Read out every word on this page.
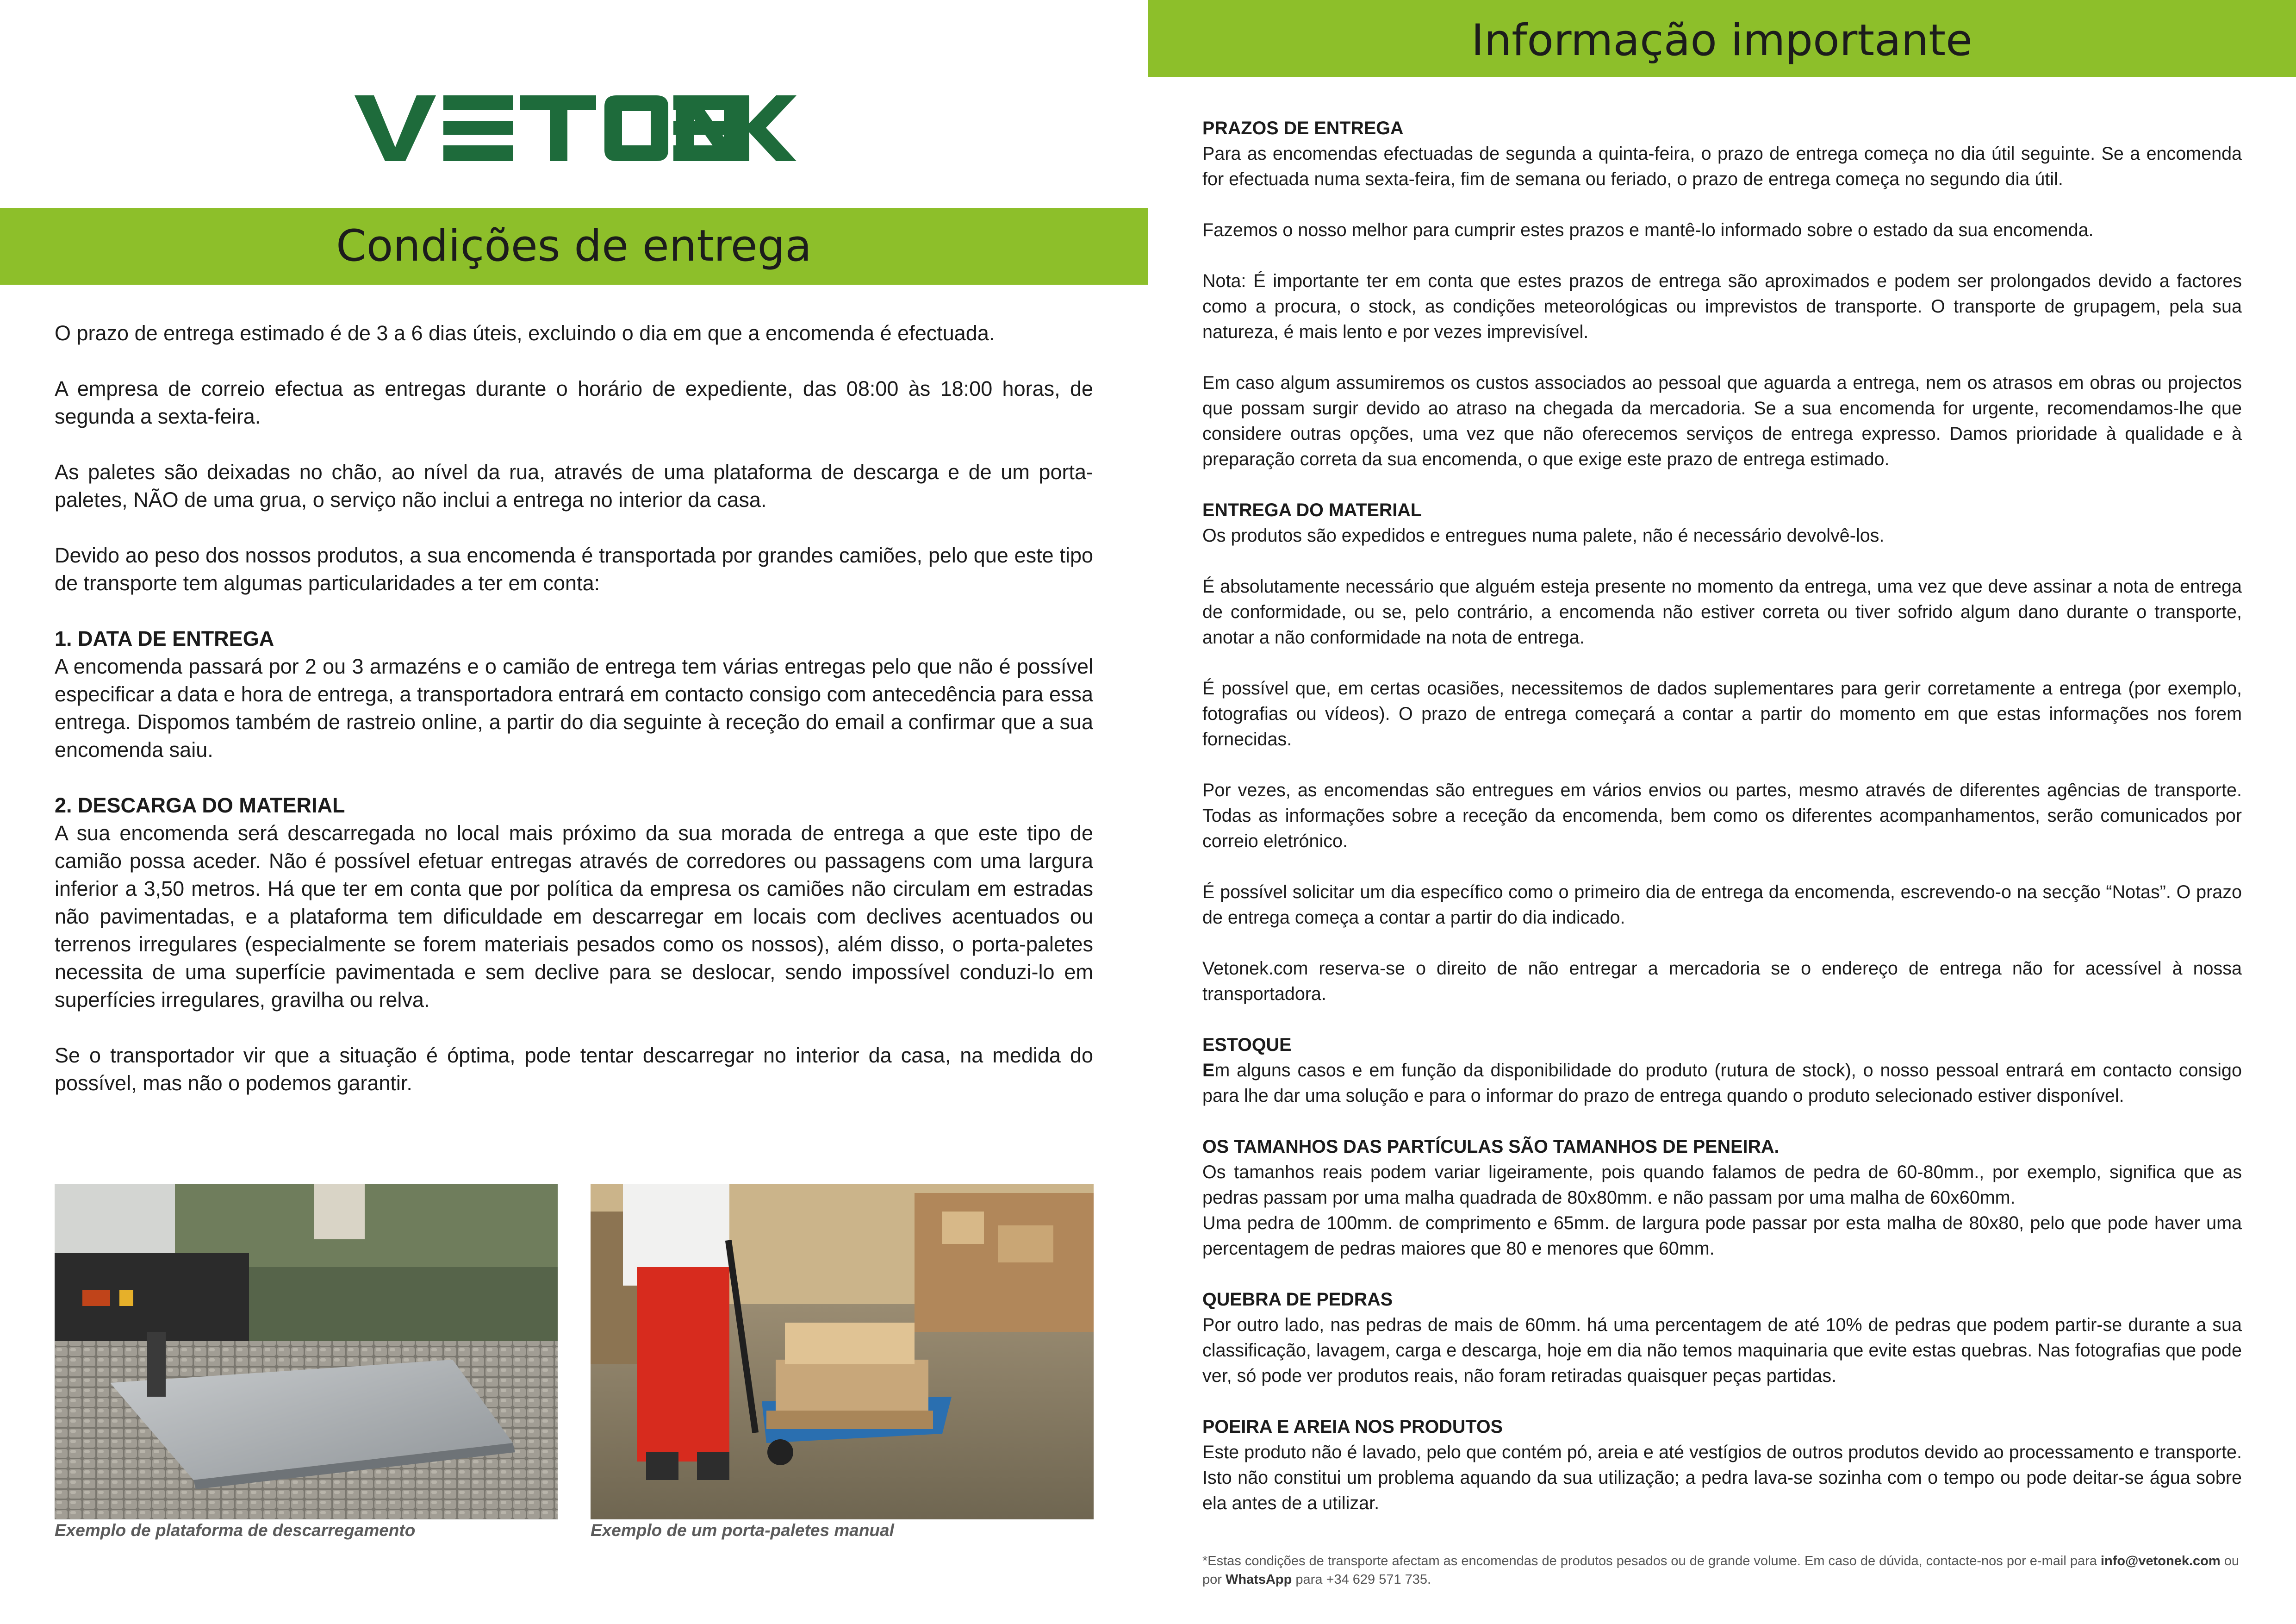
Condições de entrega
Informação importante

O prazo de entrega estimado é de 3 a 6 dias úteis, excluindo o dia em que a encomenda é efectuada.

A empresa de correio efectua as entregas durante o horário de expediente, das 08:00 às 18:00 horas, de segunda a sexta-feira.

As paletes são deixadas no chão, ao nível da rua, através de uma plataforma de descarga e de um porta-paletes, NÃO de uma grua, o serviço não inclui a entrega no interior da casa.

Devido ao peso dos nossos produtos, a sua encomenda é transportada por grandes camiões, pelo que este tipo de transporte tem algumas particularidades a ter em conta:

1. DATA DE ENTREGA
A encomenda passará por 2 ou 3 armazéns e o camião de entrega tem várias entregas pelo que não é possível especificar a data e hora de entrega, a transportadora entrará em contacto consigo com antecedência para essa entrega. Dispomos também de rastreio online, a partir do dia seguinte à receção do email a confirmar que a sua encomenda saiu.

2. DESCARGA DO MATERIAL
A sua encomenda será descarregada no local mais próximo da sua morada de entrega a que este tipo de camião possa aceder. Não é possível efetuar entregas através de corredores ou passagens com uma largura inferior a 3,50 metros. Há que ter em conta que por política da empresa os camiões não circulam em estradas não pavimentadas, e a plataforma tem dificuldade em descarregar em locais com declives acentuados ou terrenos irregulares (especialmente se forem materiais pesados como os nossos), além disso, o porta-paletes necessita de uma superfície pavimentada e sem declive para se deslocar, sendo impossível conduzi-lo em superfícies irregulares, gravilha ou relva.

Se o transportador vir que a situação é óptima, pode tentar descarregar no interior da casa, na medida do possível, mas não o podemos garantir.

Exemplo de plataforma de descarregamento	Exemplo de um porta-paletes manual

PRAZOS DE ENTREGA
Para as encomendas efectuadas de segunda a quinta-feira, o prazo de entrega começa no dia útil seguinte. Se a encomenda for efectuada numa sexta-feira, fim de semana ou feriado, o prazo de entrega começa no segundo dia útil.

Fazemos o nosso melhor para cumprir estes prazos e mantê-lo informado sobre o estado da sua encomenda.

Nota: É importante ter em conta que estes prazos de entrega são aproximados e podem ser prolongados devido a factores como a procura, o stock, as condições meteorológicas ou imprevistos de transporte. O transporte de grupagem, pela sua natureza, é mais lento e por vezes imprevisível.

Em caso algum assumiremos os custos associados ao pessoal que aguarda a entrega, nem os atrasos em obras ou projectos que possam surgir devido ao atraso na chegada da mercadoria. Se a sua encomenda for urgente, recomendamos-lhe que considere outras opções, uma vez que não oferecemos serviços de entrega expresso. Damos prioridade à qualidade e à preparação correta da sua encomenda, o que exige este prazo de entrega estimado.

ENTREGA DO MATERIAL
Os produtos são expedidos e entregues numa palete, não é necessário devolvê-los.

É absolutamente necessário que alguém esteja presente no momento da entrega, uma vez que deve assinar a nota de entrega de conformidade, ou se, pelo contrário, a encomenda não estiver correta ou tiver sofrido algum dano durante o transporte, anotar a não conformidade na nota de entrega.

É possível que, em certas ocasiões, necessitemos de dados suplementares para gerir corretamente a entrega (por exemplo, fotografias ou vídeos). O prazo de entrega começará a contar a partir do momento em que estas informações nos forem fornecidas.

Por vezes, as encomendas são entregues em vários envios ou partes, mesmo através de diferentes agências de transporte. Todas as informações sobre a receção da encomenda, bem como os diferentes acompanhamentos, serão comunicados por correio eletrónico.

É possível solicitar um dia específico como o primeiro dia de entrega da encomenda, escrevendo-o na secção “Notas”. O prazo de entrega começa a contar a partir do dia indicado.

Vetonek.com reserva-se o direito de não entregar a mercadoria se o endereço de entrega não for acessível à nossa transportadora.

ESTOQUE
Em alguns casos e em função da disponibilidade do produto (rutura de stock), o nosso pessoal entrará em contacto consigo para lhe dar uma solução e para o informar do prazo de entrega quando o produto selecionado estiver disponível.

OS TAMANHOS DAS PARTÍCULAS SÃO TAMANHOS DE PENEIRA.
Os tamanhos reais podem variar ligeiramente, pois quando falamos de pedra de 60-80mm., por exemplo, significa que as pedras passam por uma malha quadrada de 80x80mm. e não passam por uma malha de 60x60mm.
Uma pedra de 100mm. de comprimento e 65mm. de largura pode passar por esta malha de 80x80, pelo que pode haver uma percentagem de pedras maiores que 80 e menores que 60mm.

QUEBRA DE PEDRAS
Por outro lado, nas pedras de mais de 60mm. há uma percentagem de até 10% de pedras que podem partir-se durante a sua classificação, lavagem, carga e descarga, hoje em dia não temos maquinaria que evite estas quebras. Nas fotografias que pode ver, só pode ver produtos reais, não foram retiradas quaisquer peças partidas.

POEIRA E AREIA NOS PRODUTOS
Este produto não é lavado, pelo que contém pó, areia e até vestígios de outros produtos devido ao processamento e transporte. Isto não constitui um problema aquando da sua utilização; a pedra lava-se sozinha com o tempo ou pode deitar-se água sobre ela antes de a utilizar.

*Estas condições de transporte afectam as encomendas de produtos pesados ou de grande volume. Em caso de dúvida, contacte-nos por e-mail para info@vetonek.com ou por WhatsApp para +34 629 571 735.
